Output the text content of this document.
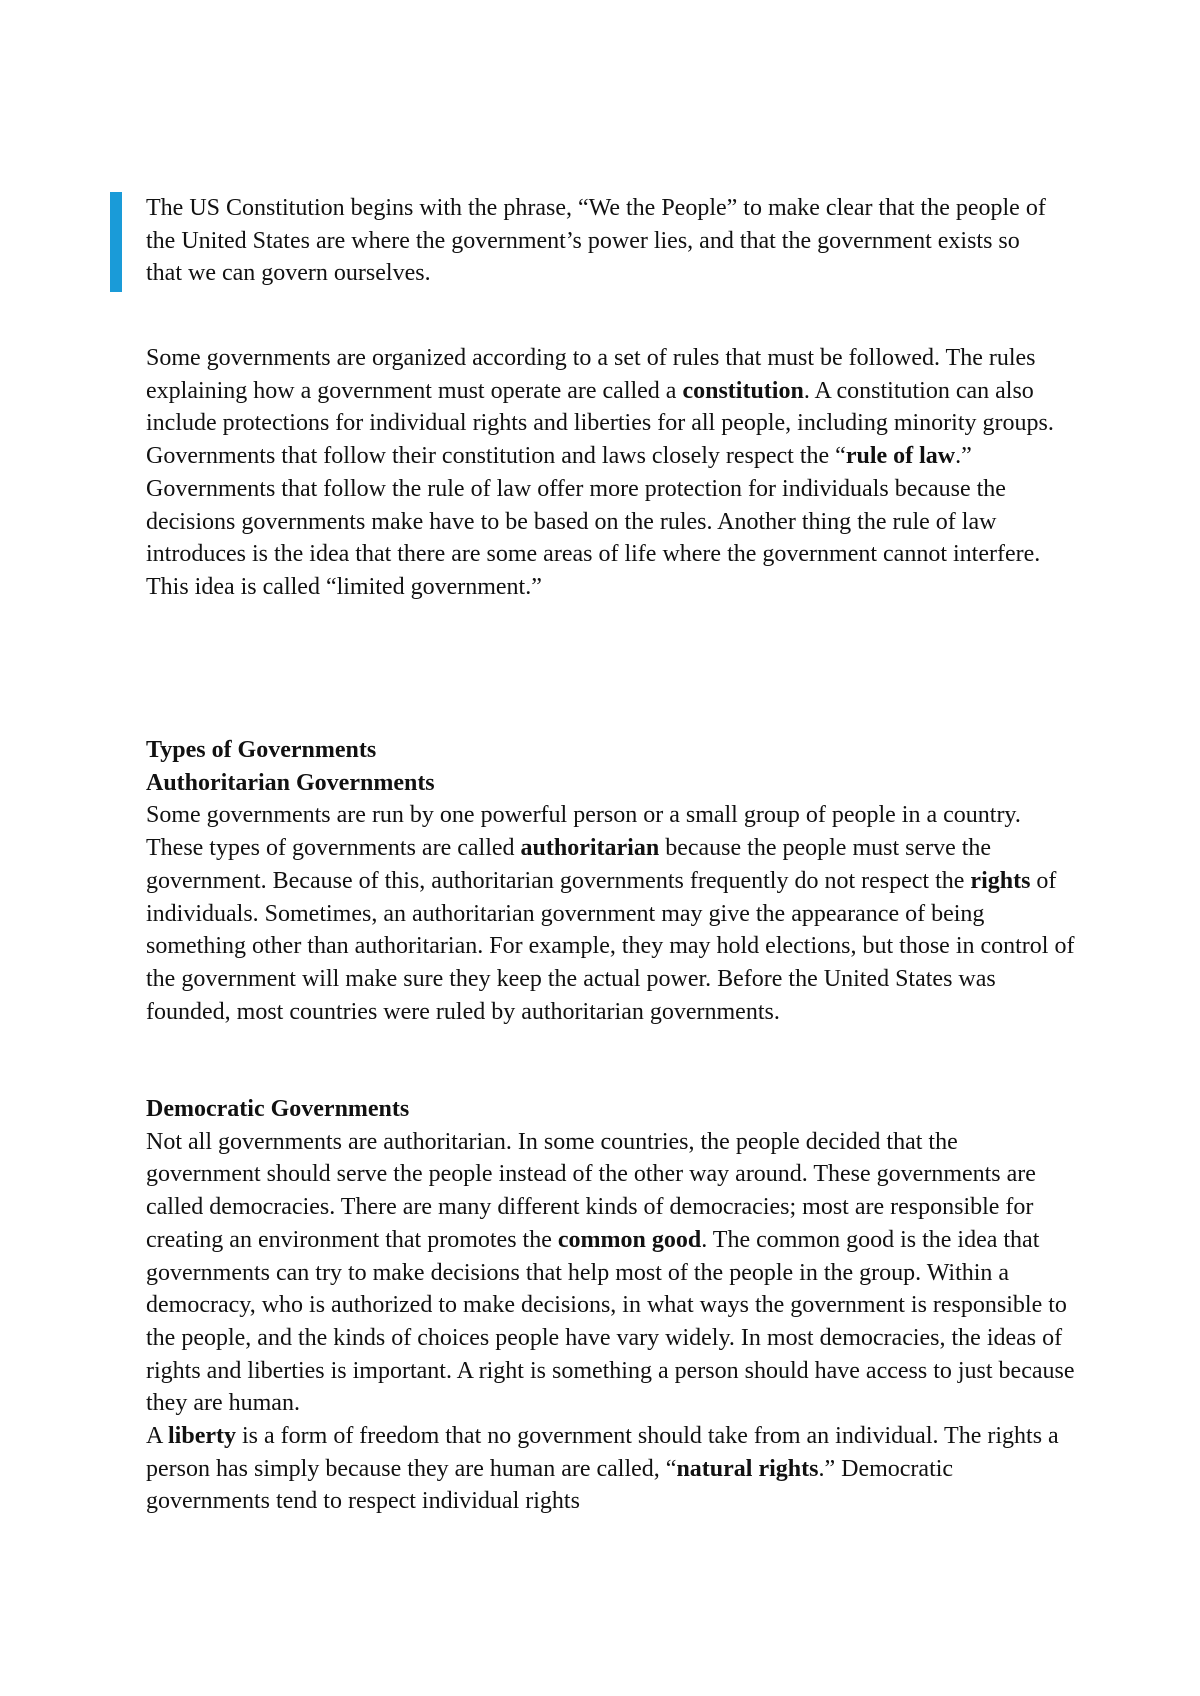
The US Constitution begins with the phrase, “We the People” to make clear that the people of the United States are where the government’s power lies, and that the government exists so that we can govern ourselves.

Some governments are organized according to a set of rules that must be followed. The rules explaining how a government must operate are called a constitution. A constitution can also include protections for individual rights and liberties for all people, including minority groups. Governments that follow their constitution and laws closely respect the “rule of law.” Governments that follow the rule of law offer more protection for individuals because the decisions governments make have to be based on the rules. Another thing the rule of law introduces is the idea that there are some areas of life where the government cannot interfere. This idea is called “limited government.”

Types of Governments
Authoritarian Governments

Some governments are run by one powerful person or a small group of people in a country. These types of governments are called authoritarian because the people must serve the government. Because of this, authoritarian governments frequently do not respect the rights of individuals. Sometimes, an authoritarian government may give the appearance of being something other than authoritarian. For example, they may hold elections, but those in control of the government will make sure they keep the actual power. Before the United States was founded, most countries were ruled by authoritarian governments.

Democratic Governments

Not all governments are authoritarian. In some countries, the people decided that the government should serve the people instead of the other way around. These governments are called democracies. There are many different kinds of democracies; most are responsible for creating an environment that promotes the common good. The common good is the idea that governments can try to make decisions that help most of the people in the group. Within a democracy, who is authorized to make decisions, in what ways the government is responsible to the people, and the kinds of choices people have vary widely. In most democracies, the ideas of rights and liberties is important. A right is something a person should have access to just because they are human.
A liberty is a form of freedom that no government should take from an individual. The rights a person has simply because they are human are called, “natural rights.” Democratic governments tend to respect individual rights
